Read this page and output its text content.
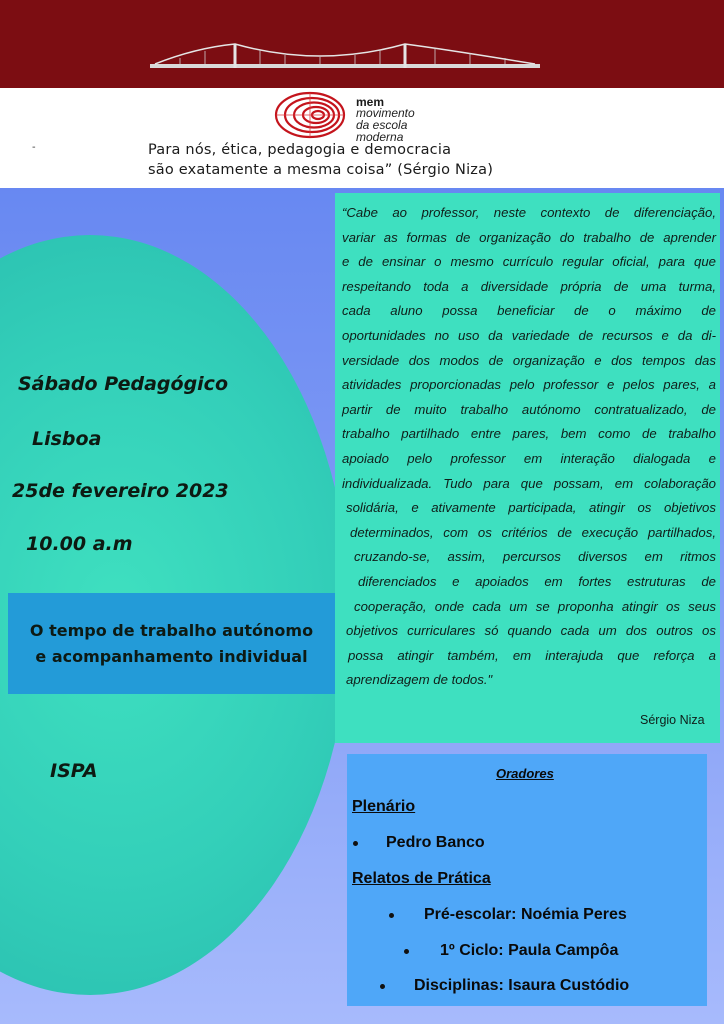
mem
movimento
da escola
moderna
-	Para nós, ética, pedagogia e democracia
são exatamente a mesma coisa” (Sérgio Niza)
Sábado Pedagógico
Lisboa
25de fevereiro 2023
10.00 a.m
O tempo de trabalho autónomo
e acompanhamento individual
ISPA
“Cabe ao professor, neste contexto de diferenciação,
variar as formas de organização do trabalho de aprender
e de ensinar o mesmo currículo regular oficial, para que
respeitando toda a diversidade própria de uma turma,
cada aluno possa beneficiar de o máximo de
oportunidades no uso da variedade de recursos e da di-
versidade dos modos de organização e dos tempos das
atividades proporcionadas pelo professor e pelos pares, a
partir de muito trabalho autónomo contratualizado, de
trabalho partilhado entre pares, bem como de trabalho
apoiado pelo professor em interação dialogada e
individualizada. Tudo para que possam, em colaboração
solidária, e ativamente participada, atingir os objetivos
determinados, com os critérios de execução partilhados,
cruzando-se, assim, percursos diversos em ritmos
diferenciados e apoiados em fortes estruturas de
cooperação, onde cada um se proponha atingir os seus
objetivos curriculares só quando cada um dos outros os
possa atingir também, em interajuda que reforça a
aprendizagem de todos."
Sérgio Niza
Oradores
Plenário
Pedro Banco
Relatos de Prática
Pré-escolar: Noémia Peres
1º Ciclo: Paula Campôa
Disciplinas: Isaura Custódio
